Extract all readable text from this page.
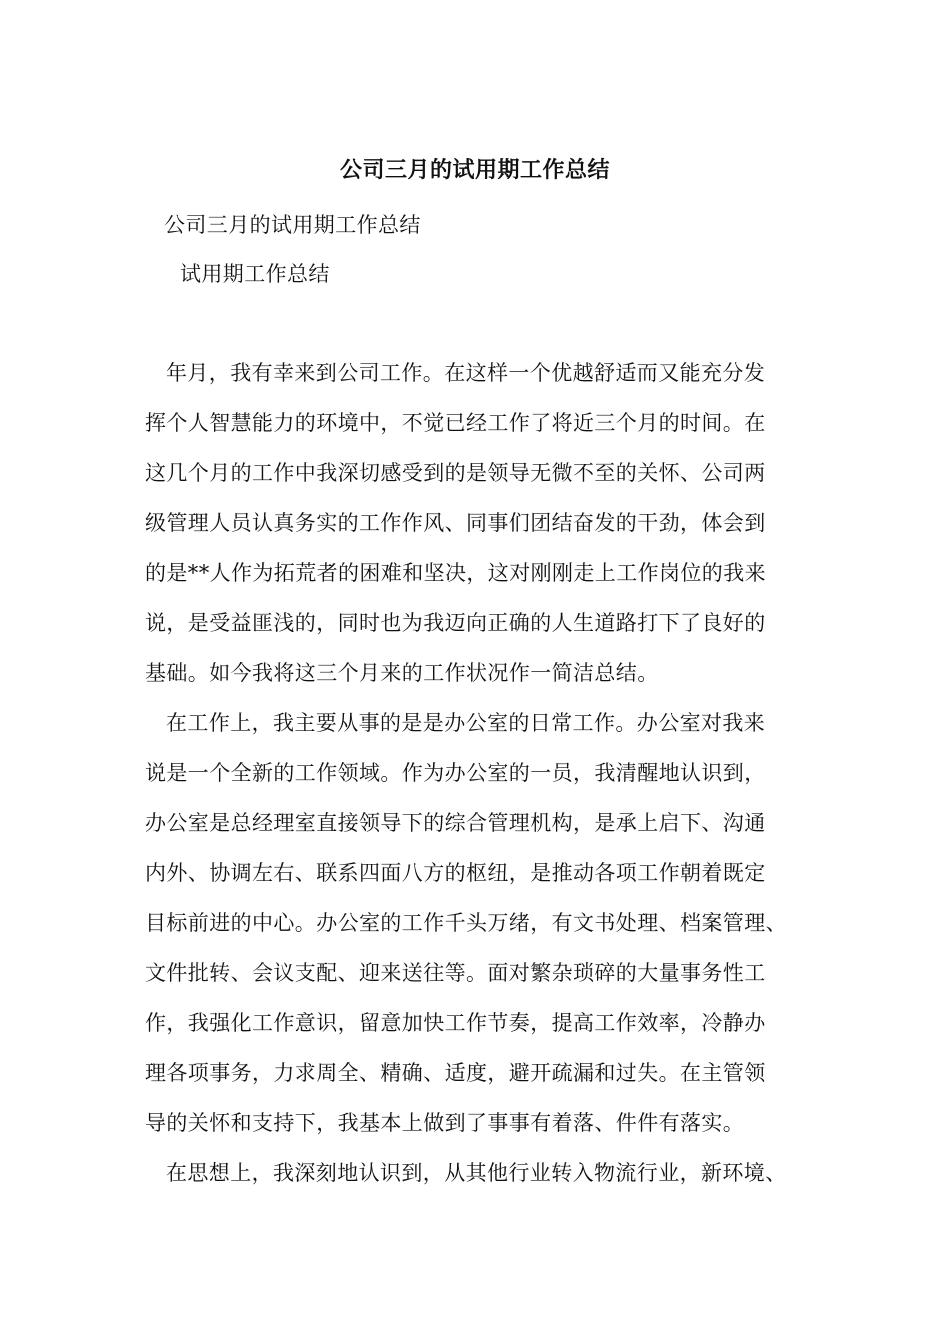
公司三月的试用期工作总结
公司三月的试用期工作总结
试用期工作总结
年月，我有幸来到公司工作。在这样一个优越舒适而又能充分发
挥个人智慧能力的环境中，不觉已经工作了将近三个月的时间。在
这几个月的工作中我深切感受到的是领导无微不至的关怀、公司两
级管理人员认真务实的工作作风、同事们团结奋发的干劲，体会到
的是**人作为拓荒者的困难和坚决，这对刚刚走上工作岗位的我来
说，是受益匪浅的，同时也为我迈向正确的人生道路打下了良好的
基础。如今我将这三个月来的工作状况作一简洁总结。
在工作上，我主要从事的是是办公室的日常工作。办公室对我来
说是一个全新的工作领域。作为办公室的一员，我清醒地认识到，
办公室是总经理室直接领导下的综合管理机构，是承上启下、沟通
内外、协调左右、联系四面八方的枢纽，是推动各项工作朝着既定
目标前进的中心。办公室的工作千头万绪，有文书处理、档案管理、
文件批转、会议支配、迎来送往等。面对繁杂琐碎的大量事务性工
作，我强化工作意识，留意加快工作节奏，提高工作效率，冷静办
理各项事务，力求周全、精确、适度，避开疏漏和过失。在主管领
导的关怀和支持下，我基本上做到了事事有着落、件件有落实。
在思想上，我深刻地认识到，从其他行业转入物流行业，新环境、
